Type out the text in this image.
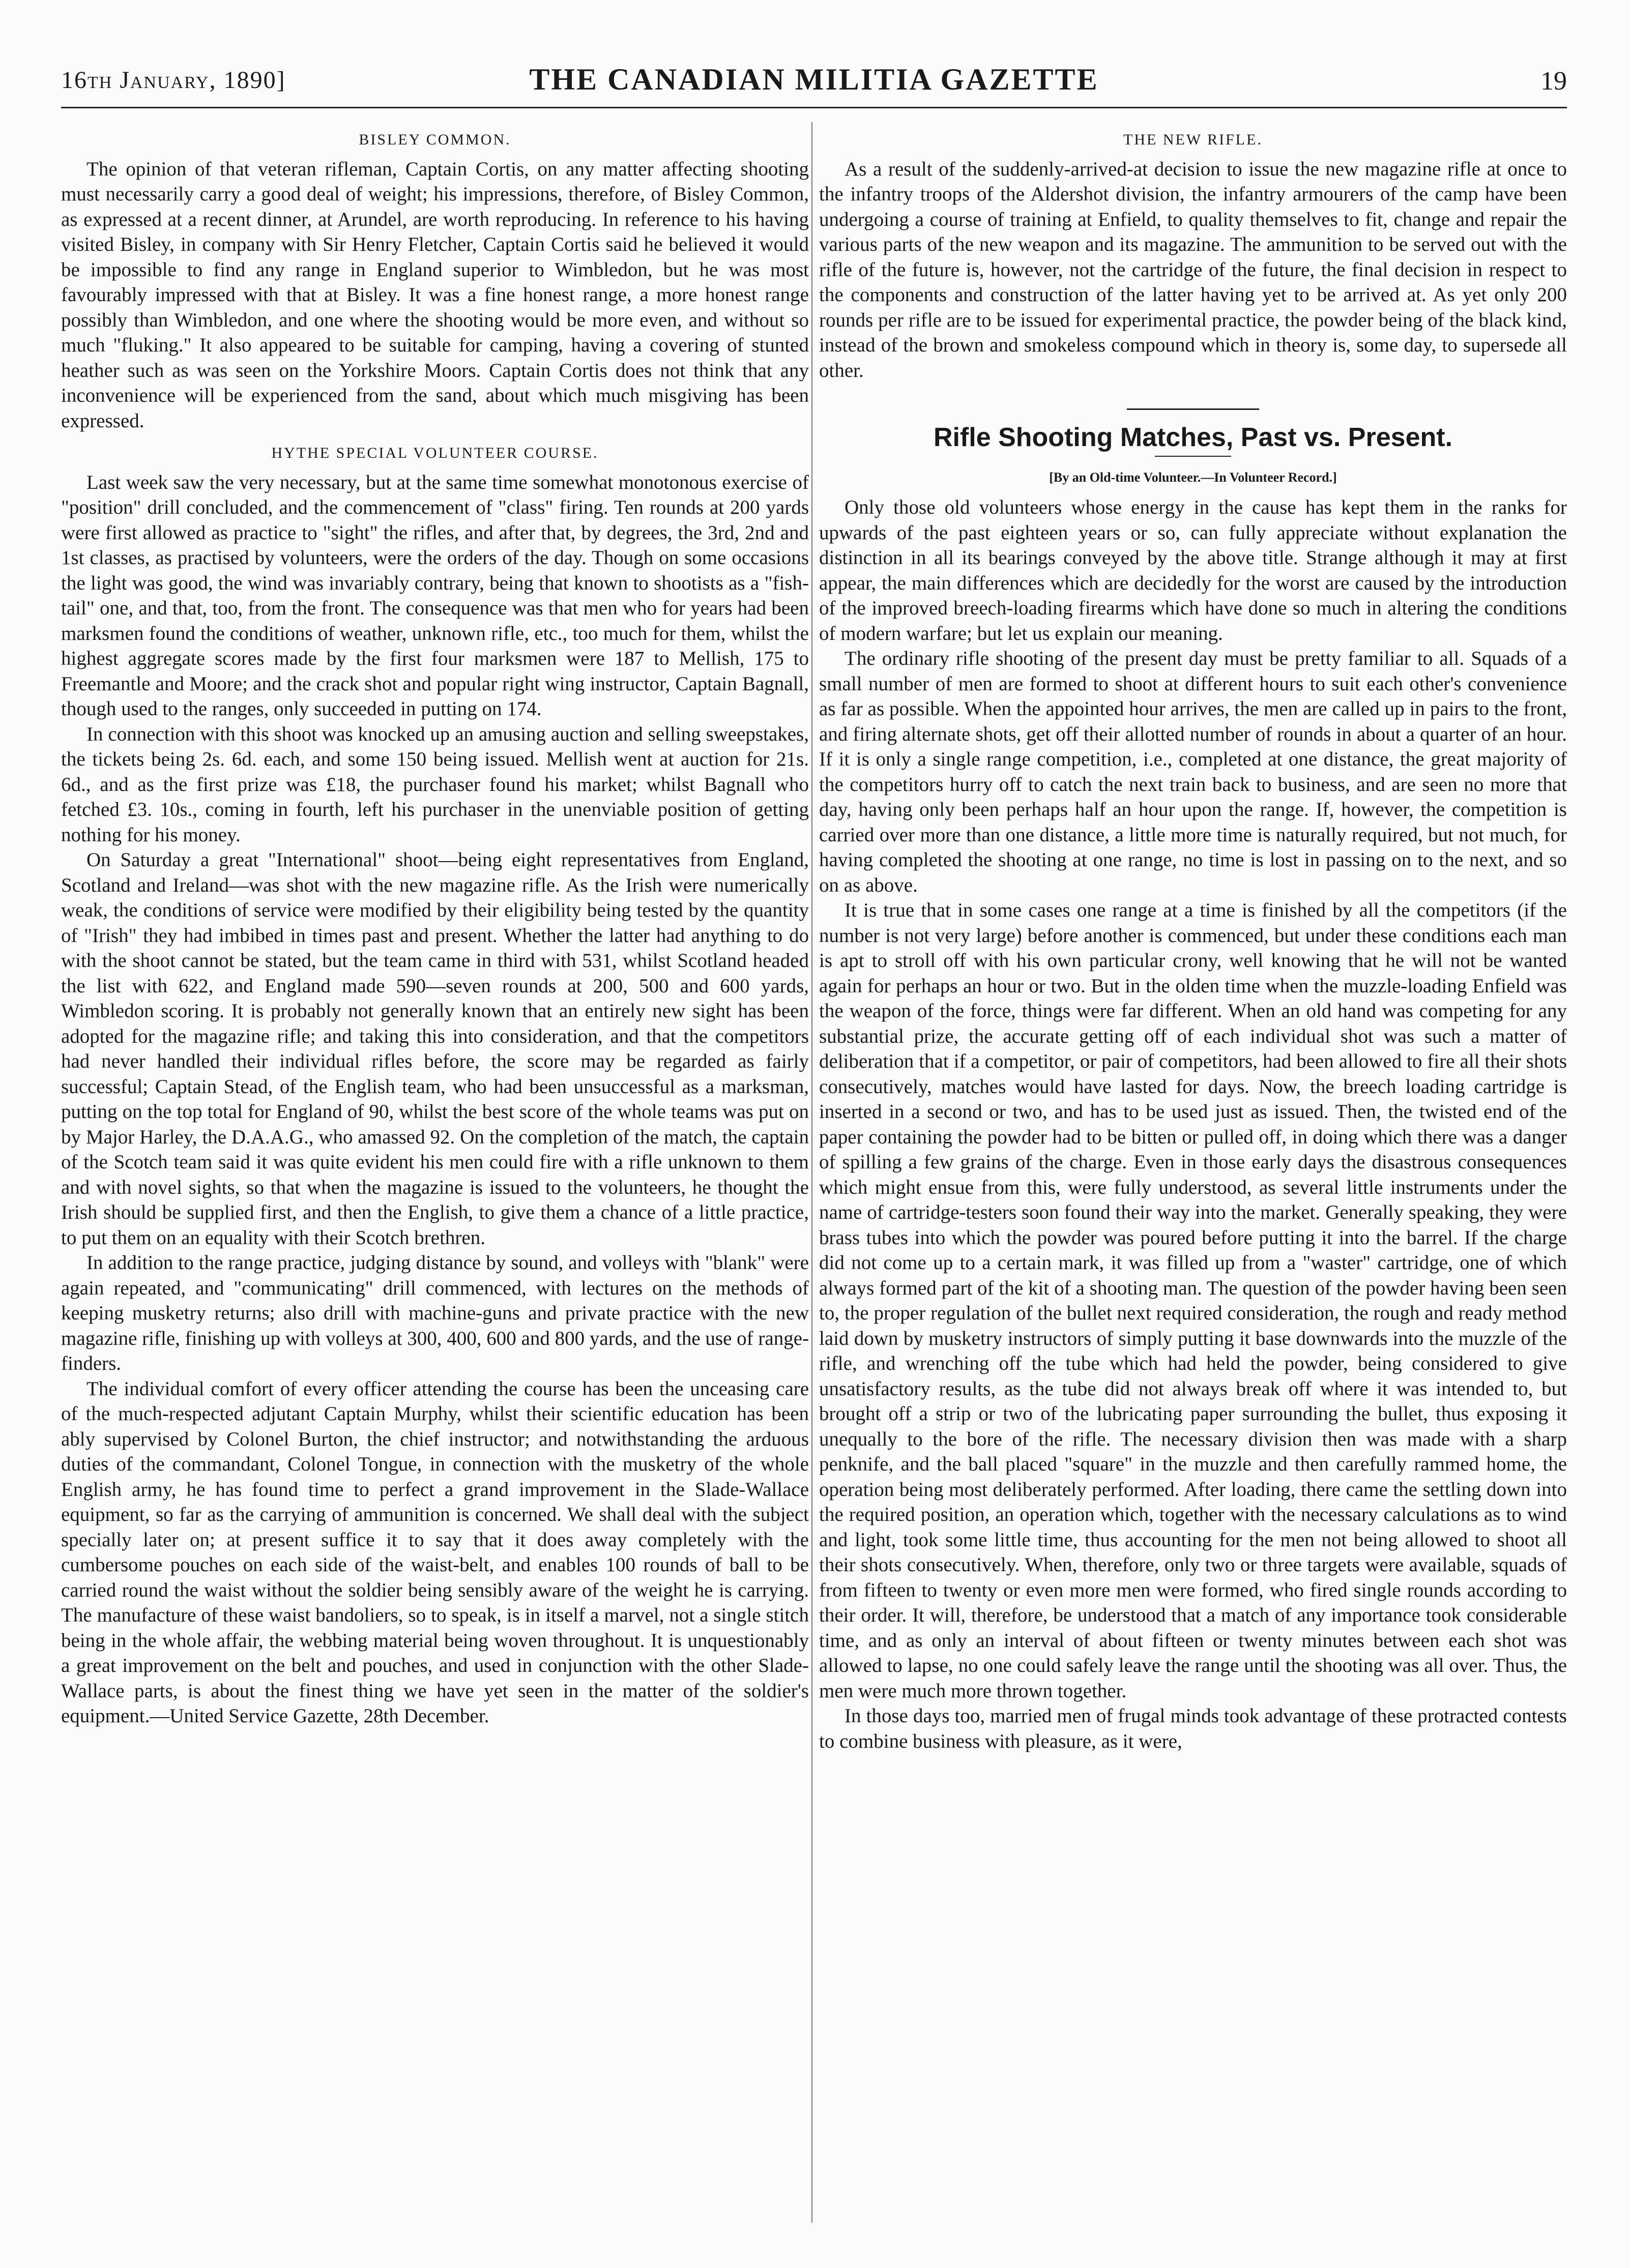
16th January, 1890]	THE CANADIAN MILITIA GAZETTE	19
BISLEY COMMON.

The opinion of that veteran rifleman, Captain Cortis, on any matter affecting shooting must necessarily carry a good deal of weight; his impressions, therefore, of Bisley Common, as expressed at a recent dinner, at Arundel, are worth reproducing. In reference to his having visited Bisley, in company with Sir Henry Fletcher, Captain Cortis said he believed it would be impossible to find any range in England superior to Wimbledon, but he was most favourably impressed with that at Bisley. It was a fine honest range, a more honest range possibly than Wimbledon, and one where the shooting would be more even, and without so much "fluking." It also appeared to be suitable for camping, having a covering of stunted heather such as was seen on the Yorkshire Moors. Captain Cortis does not think that any inconvenience will be experienced from the sand, about which much misgiving has been expressed.

HYTHE SPECIAL VOLUNTEER COURSE.

Last week saw the very necessary, but at the same time somewhat monotonous exercise of "position" drill concluded, and the commencement of "class" firing. Ten rounds at 200 yards were first allowed as practice to "sight" the rifles, and after that, by degrees, the 3rd, 2nd and 1st classes, as practised by volunteers, were the orders of the day. Though on some occasions the light was good, the wind was invariably contrary, being that known to shootists as a "fish-tail" one, and that, too, from the front. The consequence was that men who for years had been marksmen found the conditions of weather, unknown rifle, etc., too much for them, whilst the highest aggregate scores made by the first four marksmen were 187 to Mellish, 175 to Freemantle and Moore; and the crack shot and popular right wing instructor, Captain Bagnall, though used to the ranges, only succeeded in putting on 174.

In connection with this shoot was knocked up an amusing auction and selling sweepstakes, the tickets being 2s. 6d. each, and some 150 being issued. Mellish went at auction for 21s. 6d., and as the first prize was £18, the purchaser found his market; whilst Bagnall who fetched £3. 10s., coming in fourth, left his purchaser in the unenviable position of getting nothing for his money.

On Saturday a great "International" shoot—being eight representatives from England, Scotland and Ireland—was shot with the new magazine rifle. As the Irish were numerically weak, the conditions of service were modified by their eligibility being tested by the quantity of "Irish" they had imbibed in times past and present. Whether the latter had anything to do with the shoot cannot be stated, but the team came in third with 531, whilst Scotland headed the list with 622, and England made 590—seven rounds at 200, 500 and 600 yards, Wimbledon scoring. It is probably not generally known that an entirely new sight has been adopted for the magazine rifle; and taking this into consideration, and that the competitors had never handled their individual rifles before, the score may be regarded as fairly successful; Captain Stead, of the English team, who had been unsuccessful as a marksman, putting on the top total for England of 90, whilst the best score of the whole teams was put on by Major Harley, the D.A.A.G., who amassed 92. On the completion of the match, the captain of the Scotch team said it was quite evident his men could fire with a rifle unknown to them and with novel sights, so that when the magazine is issued to the volunteers, he thought the Irish should be supplied first, and then the English, to give them a chance of a little practice, to put them on an equality with their Scotch brethren.

In addition to the range practice, judging distance by sound, and volleys with "blank" were again repeated, and "communicating" drill commenced, with lectures on the methods of keeping musketry returns; also drill with machine-guns and private practice with the new magazine rifle, finishing up with volleys at 300, 400, 600 and 800 yards, and the use of range-finders.

The individual comfort of every officer attending the course has been the unceasing care of the much-respected adjutant Captain Murphy, whilst their scientific education has been ably supervised by Colonel Burton, the chief instructor; and notwithstanding the arduous duties of the commandant, Colonel Tongue, in connection with the musketry of the whole English army, he has found time to perfect a grand improvement in the Slade-Wallace equipment, so far as the carrying of ammunition is concerned. We shall deal with the subject specially later on; at present suffice it to say that it does away completely with the cumbersome pouches on each side of the waist-belt, and enables 100 rounds of ball to be carried round the waist without the soldier being sensibly aware of the weight he is carrying. The manufacture of these waist bandoliers, so to speak, is in itself a marvel, not a single stitch being in the whole affair, the webbing material being woven throughout. It is unquestionably a great improvement on the belt and pouches, and used in conjunction with the other Slade-Wallace parts, is about the finest thing we have yet seen in the matter of the soldier's equipment.—United Service Gazette, 28th December.

THE NEW RIFLE.

As a result of the suddenly-arrived-at decision to issue the new magazine rifle at once to the infantry troops of the Aldershot division, the infantry armourers of the camp have been undergoing a course of training at Enfield, to quality themselves to fit, change and repair the various parts of the new weapon and its magazine. The ammunition to be served out with the rifle of the future is, however, not the cartridge of the future, the final decision in respect to the components and construction of the latter having yet to be arrived at. As yet only 200 rounds per rifle are to be issued for experimental practice, the powder being of the black kind, instead of the brown and smokeless compound which in theory is, some day, to supersede all other.

Rifle Shooting Matches, Past vs. Present.
[By an Old-time Volunteer.—In Volunteer Record.]

Only those old volunteers whose energy in the cause has kept them in the ranks for upwards of the past eighteen years or so, can fully appreciate without explanation the distinction in all its bearings conveyed by the above title. Strange although it may at first appear, the main differences which are decidedly for the worst are caused by the introduction of the improved breech-loading firearms which have done so much in altering the conditions of modern warfare; but let us explain our meaning.

The ordinary rifle shooting of the present day must be pretty familiar to all. Squads of a small number of men are formed to shoot at different hours to suit each other's convenience as far as possible. When the appointed hour arrives, the men are called up in pairs to the front, and firing alternate shots, get off their allotted number of rounds in about a quarter of an hour. If it is only a single range competition, i.e., completed at one distance, the great majority of the competitors hurry off to catch the next train back to business, and are seen no more that day, having only been perhaps half an hour upon the range. If, however, the competition is carried over more than one distance, a little more time is naturally required, but not much, for having completed the shooting at one range, no time is lost in passing on to the next, and so on as above.

It is true that in some cases one range at a time is finished by all the competitors (if the number is not very large) before another is commenced, but under these conditions each man is apt to stroll off with his own particular crony, well knowing that he will not be wanted again for perhaps an hour or two. But in the olden time when the muzzle-loading Enfield was the weapon of the force, things were far different. When an old hand was competing for any substantial prize, the accurate getting off of each individual shot was such a matter of deliberation that if a competitor, or pair of competitors, had been allowed to fire all their shots consecutively, matches would have lasted for days. Now, the breech loading cartridge is inserted in a second or two, and has to be used just as issued. Then, the twisted end of the paper containing the powder had to be bitten or pulled off, in doing which there was a danger of spilling a few grains of the charge. Even in those early days the disastrous consequences which might ensue from this, were fully understood, as several little instruments under the name of cartridge-testers soon found their way into the market. Generally speaking, they were brass tubes into which the powder was poured before putting it into the barrel. If the charge did not come up to a certain mark, it was filled up from a "waster" cartridge, one of which always formed part of the kit of a shooting man. The question of the powder having been seen to, the proper regulation of the bullet next required consideration, the rough and ready method laid down by musketry instructors of simply putting it base downwards into the muzzle of the rifle, and wrenching off the tube which had held the powder, being considered to give unsatisfactory results, as the tube did not always break off where it was intended to, but brought off a strip or two of the lubricating paper surrounding the bullet, thus exposing it unequally to the bore of the rifle. The necessary division then was made with a sharp penknife, and the ball placed "square" in the muzzle and then carefully rammed home, the operation being most deliberately performed. After loading, there came the settling down into the required position, an operation which, together with the necessary calculations as to wind and light, took some little time, thus accounting for the men not being allowed to shoot all their shots consecutively. When, therefore, only two or three targets were available, squads of from fifteen to twenty or even more men were formed, who fired single rounds according to their order. It will, therefore, be understood that a match of any importance took considerable time, and as only an interval of about fifteen or twenty minutes between each shot was allowed to lapse, no one could safely leave the range until the shooting was all over. Thus, the men were much more thrown together.

In those days too, married men of frugal minds took advantage of these protracted contests to combine business with pleasure, as it were,
